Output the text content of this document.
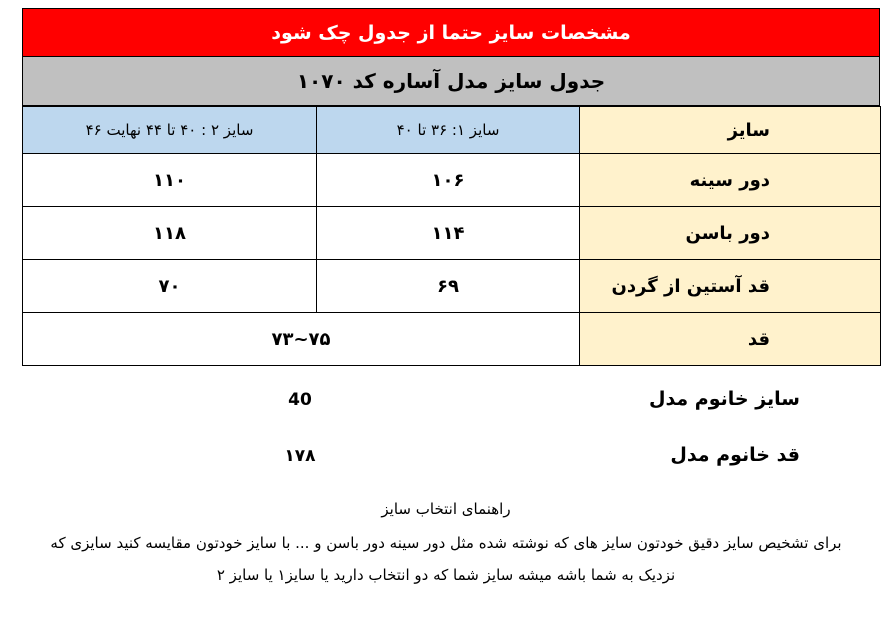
مشخصات سایز حتما از جدول چک شود
جدول سایز مدل آساره کد ۱۰۷۰
سایز	سایز ۱: ۳۶ تا ۴۰	سایز ۲ : ۴۰ تا ۴۴ نهایت ۴۶
دور سینه	۱۰۶	۱۱۰
دور باسن	۱۱۴	۱۱۸
قد آستین از گردن	۶۹	۷۰
قد	۷۵~۷۳	
سایز خانوم مدل
40
قد خانوم مدل
۱۷۸
راهنمای انتخاب سایز
برای تشخیص سایز دقیق خودتون سایز های که نوشته شده مثل دور سینه دور باسن و ... با سایز خودتون مقایسه کنید سایزی که
نزدیک به شما باشه میشه سایز شما که دو انتخاب دارید یا سایز۱ یا سایز ۲
